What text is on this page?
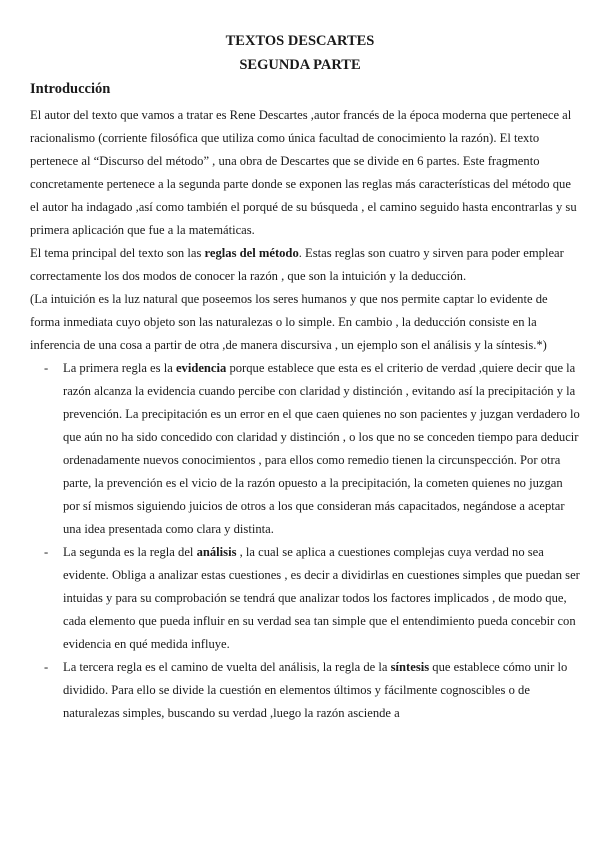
TEXTOS DESCARTES
SEGUNDA PARTE
Introducción

El autor del texto que vamos a tratar es Rene Descartes ,autor francés de la época moderna que pertenece al racionalismo (corriente filosófica que utiliza como única facultad de conocimiento la razón). El texto pertenece al “Discurso del método” , una obra de Descartes que se divide en 6 partes. Este fragmento concretamente pertenece a la segunda parte donde se exponen las reglas más características del método que el autor ha indagado ,así como también el porqué de su búsqueda , el camino seguido hasta encontrarlas y su primera aplicación que fue a la matemáticas.

El tema principal del texto son las reglas del método. Estas reglas son cuatro y sirven para poder emplear correctamente los dos modos de conocer la razón , que son la intuición y la deducción.

(La intuición es la luz natural que poseemos los seres humanos y que nos permite captar lo evidente de forma inmediata cuyo objeto son las naturalezas o lo simple. En cambio , la deducción consiste en la inferencia de una cosa a partir de otra ,de manera discursiva , un ejemplo son el análisis y la síntesis.*)

- La primera regla es la evidencia porque establece que esta es el criterio de verdad ,quiere decir que la razón alcanza la evidencia cuando percibe con claridad y distinción , evitando así la precipitación y la prevención. La precipitación es un error en el que caen quienes no son pacientes y juzgan verdadero lo que aún no ha sido concedido con claridad y distinción , o los que no se conceden tiempo para deducir ordenadamente nuevos conocimientos , para ellos como remedio tienen la circunspección. Por otra parte, la prevención es el vicio de la razón opuesto a la precipitación, la cometen quienes no juzgan por sí mismos siguiendo juicios de otros a los que consideran más capacitados, negándose a aceptar una idea presentada como clara y distinta.
- La segunda es la regla del análisis , la cual se aplica a cuestiones complejas cuya verdad no sea evidente. Obliga a analizar estas cuestiones , es decir a dividirlas en cuestiones simples que puedan ser intuidas y para su comprobación se tendrá que analizar todos los factores implicados , de modo que, cada elemento que pueda influir en su verdad sea tan simple que el entendimiento pueda concebir con evidencia en qué medida influye.
- La tercera regla es el camino de vuelta del análisis, la regla de la síntesis que establece cómo unir lo dividido. Para ello se divide la cuestión en elementos últimos y fácilmente cognoscibles o de naturalezas simples, buscando su verdad ,luego la razón asciende a
